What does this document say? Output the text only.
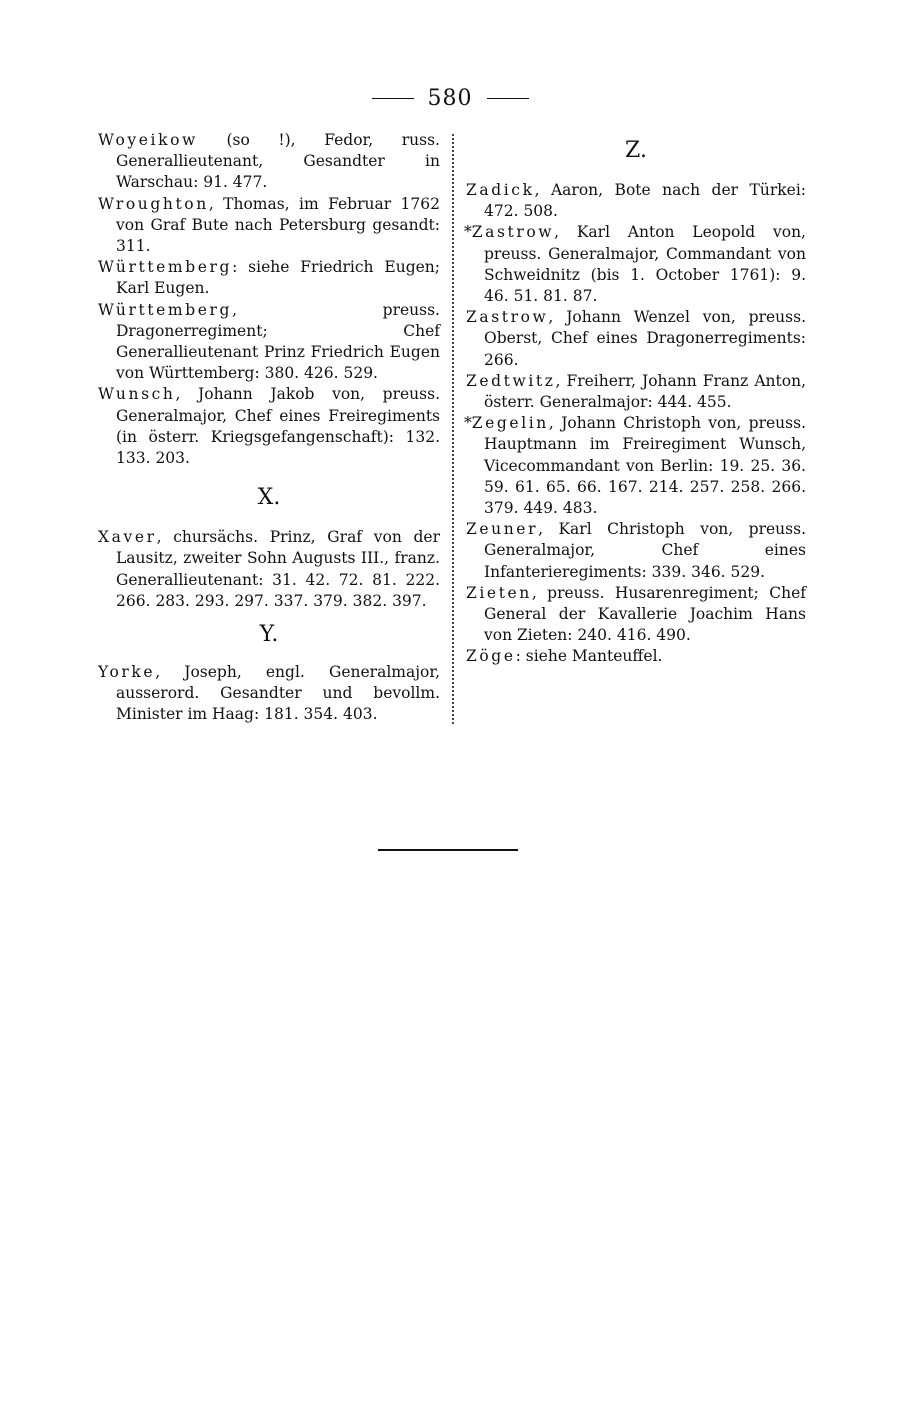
580

Woyeikow (so !), Fedor, russ. Generallieutenant, Gesandter in Warschau: 91. 477.

Wroughton, Thomas, im Februar 1762 von Graf Bute nach Petersburg gesandt: 311.

Württemberg: siehe Friedrich Eugen; Karl Eugen.

Württemberg, preuss. Dragonerregiment; Chef Generallieutenant Prinz Friedrich Eugen von Württemberg: 380. 426. 529.

Wunsch, Johann Jakob von, preuss. Generalmajor, Chef eines Freiregiments (in österr. Kriegsgefangenschaft): 132. 133. 203.

X.

Xaver, chursächs. Prinz, Graf von der Lausitz, zweiter Sohn Augusts III., franz. Generallieutenant: 31. 42. 72. 81. 222. 266. 283. 293. 297. 337. 379. 382. 397.

Y.

Yorke, Joseph, engl. Generalmajor, ausserord. Gesandter und bevollm. Minister im Haag: 181. 354. 403.

Z.

Zadick, Aaron, Bote nach der Türkei: 472. 508.

*Zastrow, Karl Anton Leopold von, preuss. Generalmajor, Commandant von Schweidnitz (bis 1. October 1761): 9. 46. 51. 81. 87.

Zastrow, Johann Wenzel von, preuss. Oberst, Chef eines Dragonerregiments: 266.

Zedtwitz, Freiherr, Johann Franz Anton, österr. Generalmajor: 444. 455.

*Zegelin, Johann Christoph von, preuss. Hauptmann im Freiregiment Wunsch, Vicecommandant von Berlin: 19. 25. 36. 59. 61. 65. 66. 167. 214. 257. 258. 266. 379. 449. 483.

Zeuner, Karl Christoph von, preuss. Generalmajor, Chef eines Infanterieregiments: 339. 346. 529.

Zieten, preuss. Husarenregiment; Chef General der Kavallerie Joachim Hans von Zieten: 240. 416. 490.

Zöge: siehe Manteuffel.
